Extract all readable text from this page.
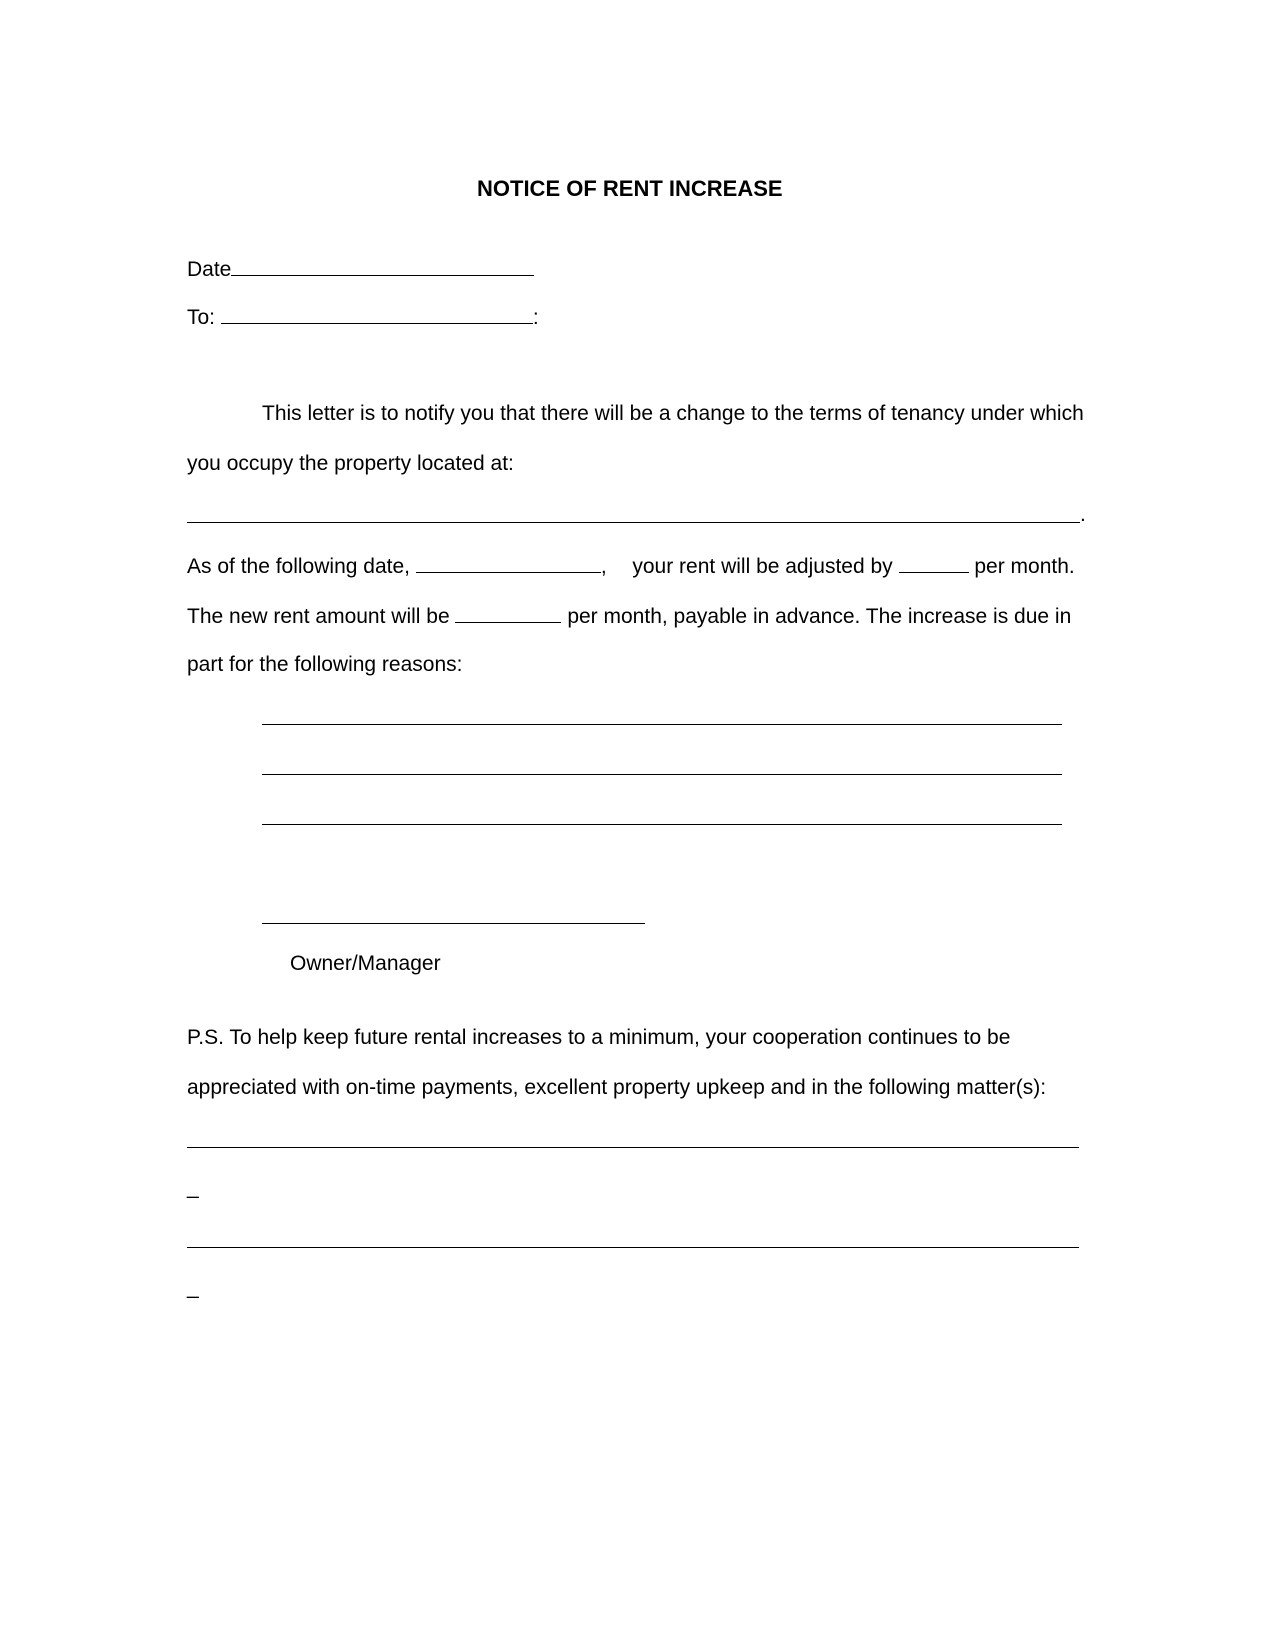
NOTICE OF RENT INCREASE
Date
To:	:
This letter is to notify you that there will be a change to the terms of tenancy under which
you occupy the property located at:
.
As of the following date,	, your rent will be adjusted by	per month.
The new rent amount will be	per month, payable in advance. The increase is due in
part for the following reasons:
Owner/Manager
P.S. To help keep future rental increases to a minimum, your cooperation continues to be
appreciated with on-time payments, excellent property upkeep and in the following matter(s):
_
_
